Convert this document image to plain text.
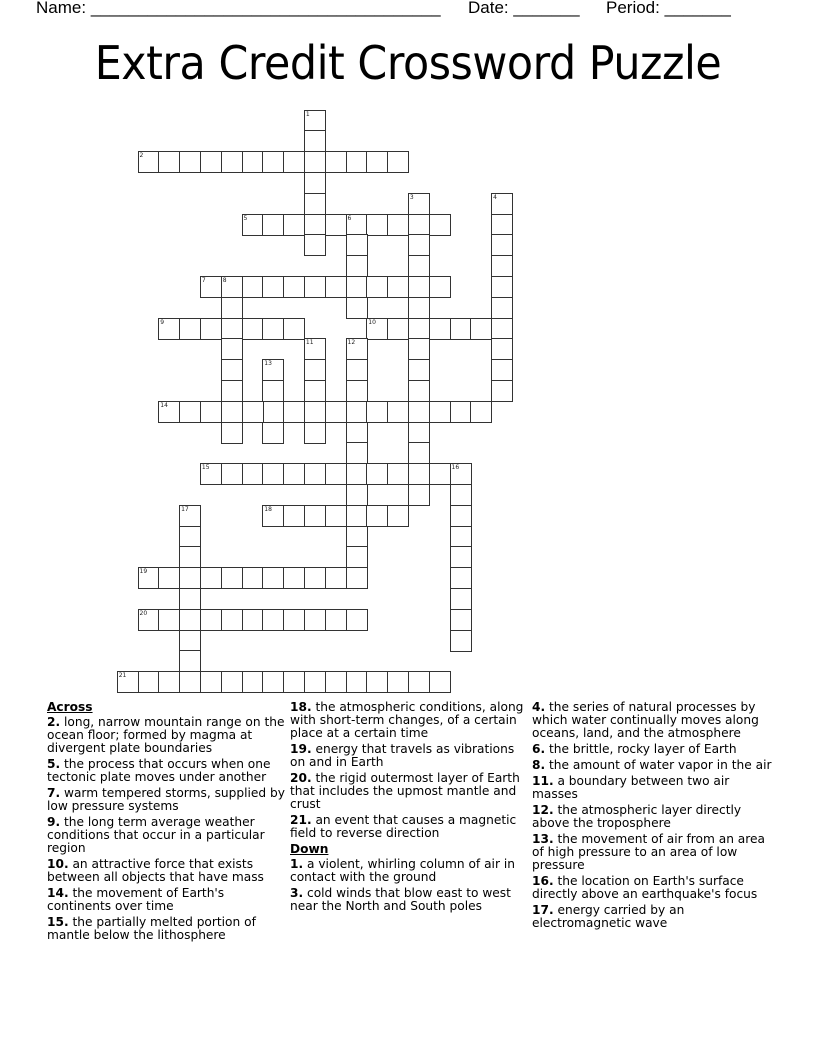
Name: _____________________________________ Date: _______ Period: _______
Extra Credit Crossword Puzzle
1
2
3	4
5	6
7	8
9	10
11	12
13
14
15	16
17	18
19
20
21
Across
2. long, narrow mountain range on the ocean floor; formed by magma at divergent plate boundaries
5. the process that occurs when one tectonic plate moves under another
7. warm tempered storms, supplied by low pressure systems
9. the long term average weather conditions that occur in a particular region
10. an attractive force that exists between all objects that have mass
14. the movement of Earth's continents over time
15. the partially melted portion of mantle below the lithosphere
18. the atmospheric conditions, along with short-term changes, of a certain place at a certain time
19. energy that travels as vibrations on and in Earth
20. the rigid outermost layer of Earth that includes the upmost mantle and crust
21. an event that causes a magnetic field to reverse direction
Down
1. a violent, whirling column of air in contact with the ground
3. cold winds that blow east to west near the North and South poles
4. the series of natural processes by which water continually moves along oceans, land, and the atmosphere
6. the brittle, rocky layer of Earth
8. the amount of water vapor in the air
11. a boundary between two air masses
12. the atmospheric layer directly above the troposphere
13. the movement of air from an area of high pressure to an area of low pressure
16. the location on Earth's surface directly above an earthquake's focus
17. energy carried by an electromagnetic wave
